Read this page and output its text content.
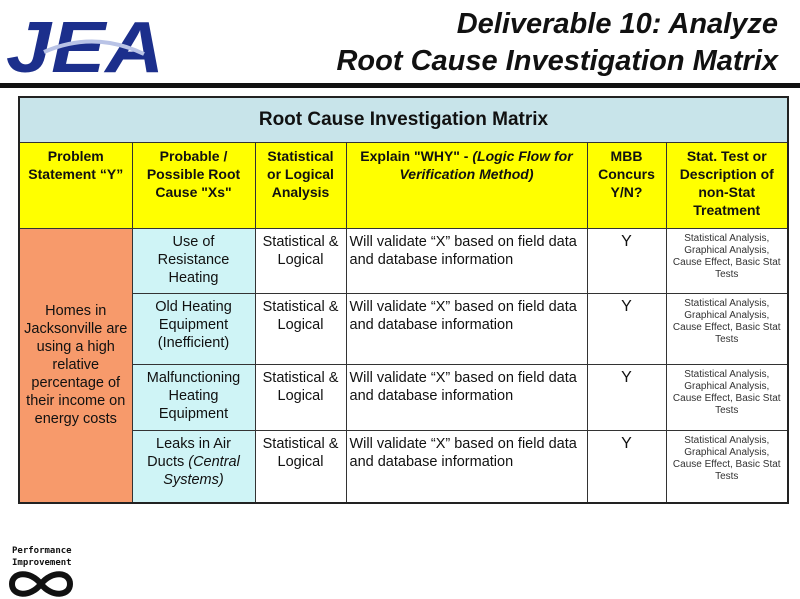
JEA	Deliverable 10: Analyze
Root Cause Investigation Matrix
Root Cause Investigation Matrix					
Problem Statement “Y”	Probable / Possible Root Cause "Xs"	Statistical or Logical Analysis	Explain "WHY" - (Logic Flow for Verification Method)	MBB Concurs Y/N?	Stat. Test or Description of non-Stat Treatment
Homes in Jacksonville are using a high relative percentage of their income on energy costs	Use of Resistance Heating	Statistical & Logical	Will validate “X” based on field data and database information	Y	Statistical Analysis, Graphical Analysis, Cause Effect, Basic Stat Tests
	Old Heating Equipment (Inefficient)	Statistical & Logical	Will validate “X” based on field data and database information	Y	Statistical Analysis, Graphical Analysis, Cause Effect, Basic Stat Tests
	Malfunctioning Heating Equipment	Statistical & Logical	Will validate “X” based on field data and database information	Y	Statistical Analysis, Graphical Analysis, Cause Effect, Basic Stat Tests
	Leaks in Air Ducts (Central Systems)	Statistical & Logical	Will validate “X” based on field data and database information	Y	Statistical Analysis, Graphical Analysis, Cause Effect, Basic Stat Tests
Performance
Improvement
